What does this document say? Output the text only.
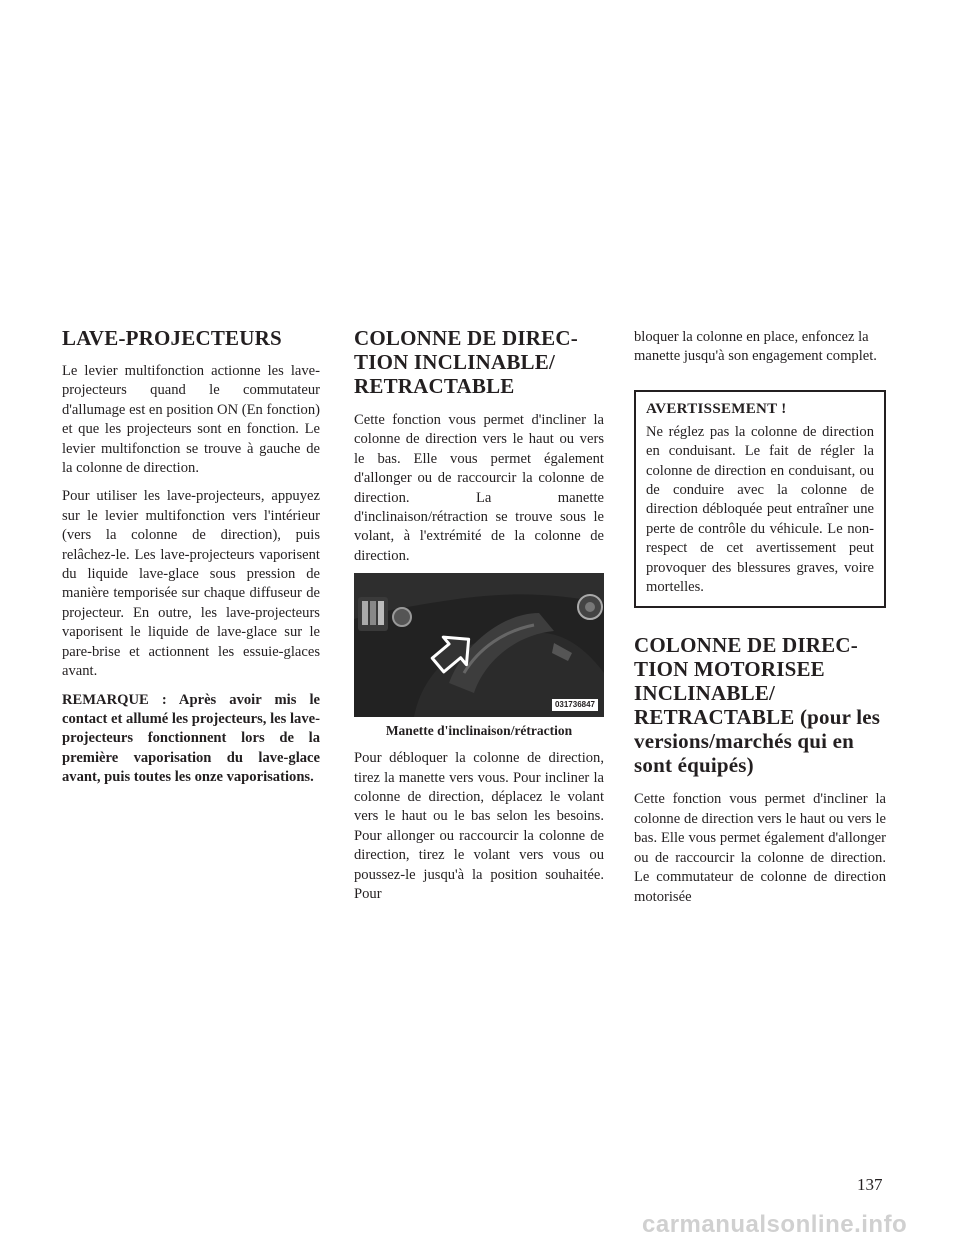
LAVE-PROJECTEURS

Le levier multifonction actionne les lave-projecteurs quand le commutateur d'allumage est en position ON (En fonction) et que les projecteurs sont en fonction. Le levier multifonction se trouve à gauche de la colonne de direction.

Pour utiliser les lave-projecteurs, appuyez sur le levier multifonction vers l'intérieur (vers la colonne de direction), puis relâchez-le. Les lave-projecteurs vaporisent du liquide lave-glace sous pression de manière temporisée sur chaque diffuseur de projecteur. En outre, les lave-projecteurs vaporisent le liquide de lave-glace sur le pare-brise et actionnent les essuie-glaces avant.

REMARQUE : Après avoir mis le contact et allumé les projecteurs, les lave-projecteurs fonctionnent lors de la première vaporisation du lave-glace avant, puis toutes les onze vaporisations.

COLONNE DE DIREC-
TION INCLINABLE/
RETRACTABLE

Cette fonction vous permet d'incliner la colonne de direction vers le haut ou vers le bas. Elle vous permet également d'allonger ou de raccourcir la colonne de direction. La manette d'inclinaison/rétraction se trouve sous le volant, à l'extrémité de la colonne de direction.

031736847
Manette d'inclinaison/rétraction

Pour débloquer la colonne de direction, tirez la manette vers vous. Pour incliner la colonne de direction, déplacez le volant vers le haut ou le bas selon les besoins. Pour allonger ou raccourcir la colonne de direction, tirez le volant vers vous ou poussez-le jusqu'à la position souhaitée. Pour

bloquer la colonne en place, enfoncez la manette jusqu'à son engagement complet.

AVERTISSEMENT !

Ne réglez pas la colonne de direction en conduisant. Le fait de régler la colonne de direction en conduisant, ou de conduire avec la colonne de direction débloquée peut entraîner une perte de contrôle du véhicule. Le non-respect de cet avertissement peut provoquer des blessures graves, voire mortelles.

COLONNE DE DIREC-
TION MOTORISEE
INCLINABLE/
RETRACTABLE (pour les
versions/marchés qui en
sont équipés)

Cette fonction vous permet d'incliner la colonne de direction vers le haut ou vers le bas. Elle vous permet également d'allonger ou de raccourcir la colonne de direction. Le commutateur de colonne de direction motorisée

137
carmanualsonline.info
